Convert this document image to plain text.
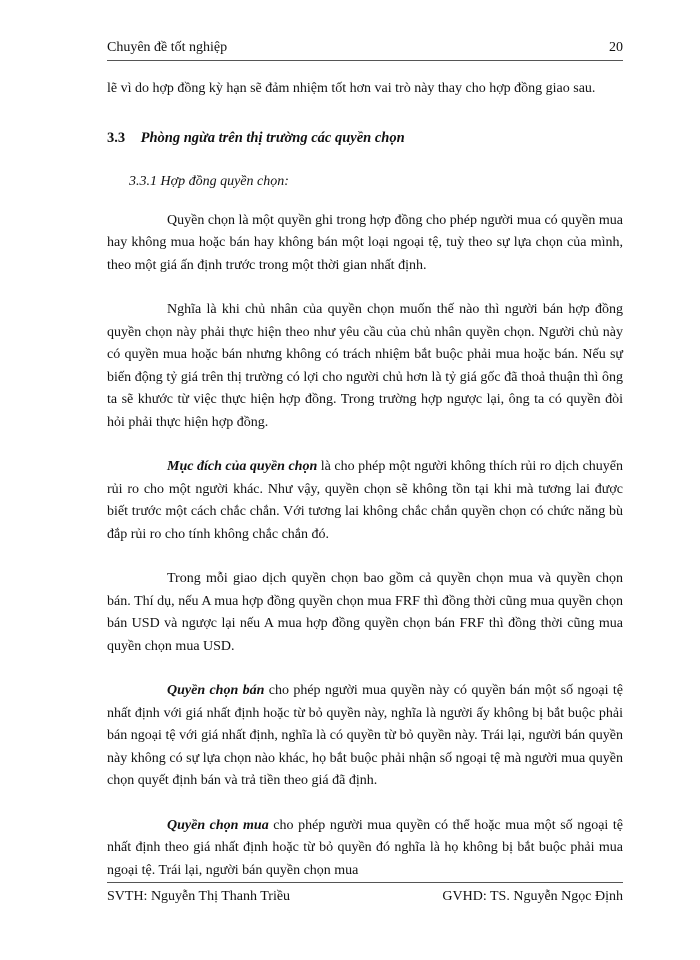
Chuyên đề tốt nghiệp	20

lẽ vì do hợp đồng kỳ hạn sẽ đảm nhiệm tốt hơn vai trò này thay cho hợp đồng giao sau.

3.3 Phòng ngừa trên thị trường các quyền chọn
3.3.1 Hợp đồng quyền chọn:

Quyền chọn là một quyền ghi trong hợp đồng cho phép người mua có quyền mua hay không mua hoặc bán hay không bán một loại ngoại tệ, tuỳ theo sự lựa chọn của mình, theo một giá ấn định trước trong một thời gian nhất định.

Nghĩa là khi chủ nhân của quyền chọn muốn thế nào thì người bán hợp đồng quyền chọn này phải thực hiện theo như yêu cầu của chủ nhân quyền chọn. Người chủ này có quyền mua hoặc bán nhưng không có trách nhiệm bắt buộc phải mua hoặc bán. Nếu sự biến động tỷ giá trên thị trường có lợi cho người chủ hơn là tỷ giá gốc đã thoả thuận thì ông ta sẽ khước từ việc thực hiện hợp đồng. Trong trường hợp ngược lại, ông ta có quyền đòi hỏi phải thực hiện hợp đồng.

Mục đích của quyền chọn là cho phép một người không thích rủi ro dịch chuyển rủi ro cho một người khác. Như vậy, quyền chọn sẽ không tồn tại khi mà tương lai được biết trước một cách chắc chắn. Với tương lai không chắc chắn quyền chọn có chức năng bù đắp rủi ro cho tính không chắc chắn đó.

Trong mỗi giao dịch quyền chọn bao gồm cả quyền chọn mua và quyền chọn bán. Thí dụ, nếu A mua hợp đồng quyền chọn mua FRF thì đồng thời cũng mua quyền chọn bán USD và ngược lại nếu A mua hợp đồng quyền chọn bán FRF thì đồng thời cũng mua quyền chọn mua USD.

Quyền chọn bán cho phép người mua quyền này có quyền bán một số ngoại tệ nhất định với giá nhất định hoặc từ bỏ quyền này, nghĩa là người ấy không bị bắt buộc phải bán ngoại tệ với giá nhất định, nghĩa là có quyền từ bỏ quyền này. Trái lại, người bán quyền này không có sự lựa chọn nào khác, họ bắt buộc phải nhận số ngoại tệ mà người mua quyền chọn quyết định bán và trả tiền theo giá đã định.

Quyền chọn mua cho phép người mua quyền có thể hoặc mua một số ngoại tệ nhất định theo giá nhất định hoặc từ bỏ quyền đó nghĩa là họ không bị bắt buộc phải mua ngoại tệ. Trái lại, người bán quyền chọn mua

SVTH: Nguyễn Thị Thanh Triều	GVHD: TS. Nguyễn Ngọc Định
